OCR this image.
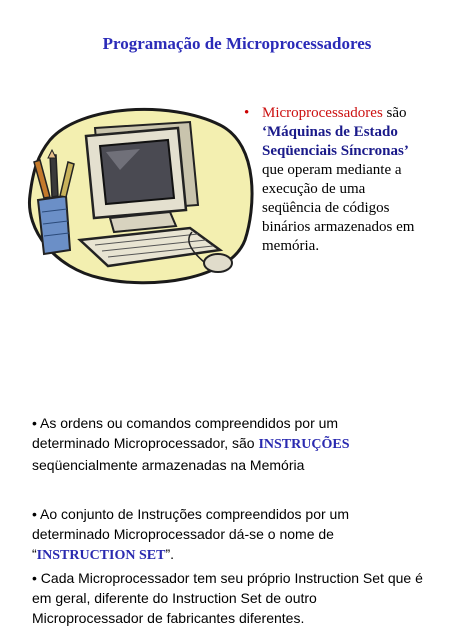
Programação de Microprocessadores
• Microprocessadores são
‘Máquinas de Estado
Seqüenciais Síncronas’
que operam mediante a
execução de uma
seqüência de códigos
binários armazenados em
memória.
• As ordens ou comandos compreendidos por um
determinado Microprocessador, são INSTRUÇÕES
seqüencialmente armazenadas na Memória
• Ao conjunto de Instruções compreendidos por um
determinado Microprocessador dá-se o nome de
“INSTRUCTION SET”.
• Cada Microprocessador tem seu próprio Instruction Set que é
em geral, diferente do Instruction Set de outro
Microprocessador de fabricantes diferentes.
